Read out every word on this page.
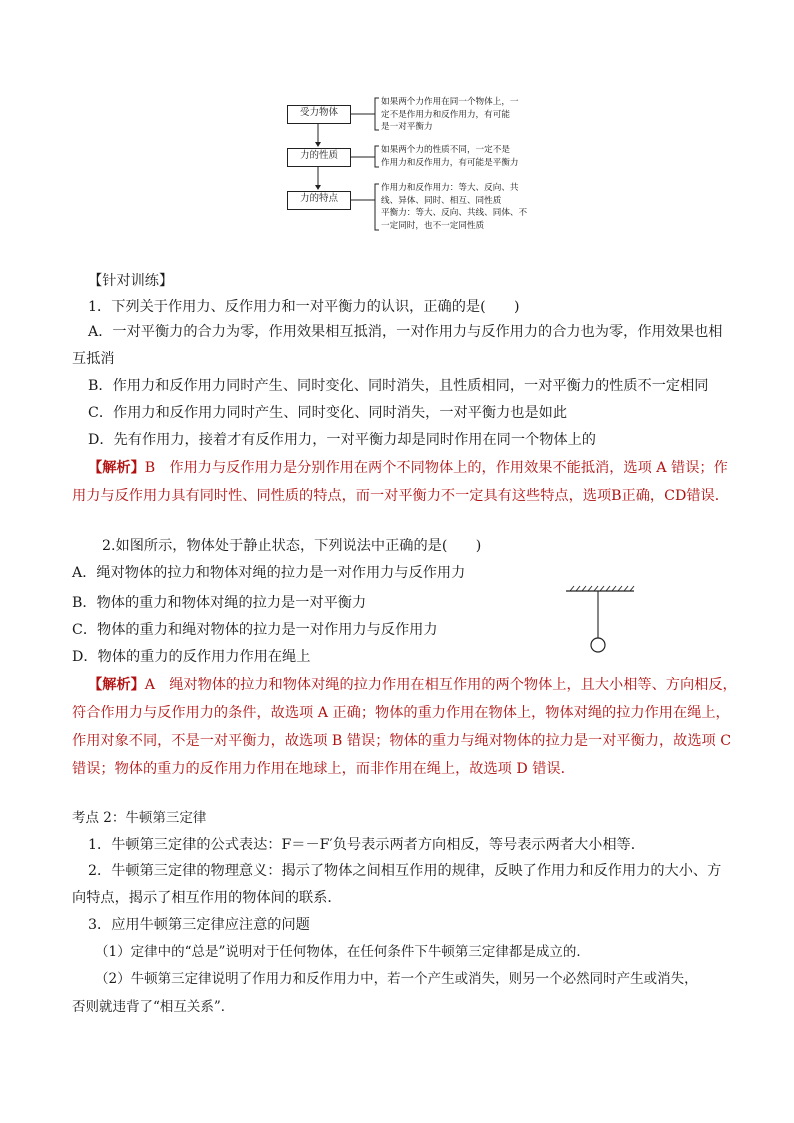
受力物体
力的性质
力的特点
如果两个力作用在同一个物体上，一
定不是作用力和反作用力，有可能
是一对平衡力
如果两个力的性质不同，一定不是
作用力和反作用力，有可能是平衡力
作用力和反作用力：等大、反向、共
线、异体、同时、相互、同性质
平衡力：等大、反向、共线、同体、不
一定同时，也不一定同性质
【针对训练】
1．下列关于作用力、反作用力和一对平衡力的认识，正确的是(　　)
A．一对平衡力的合力为零，作用效果相互抵消，一对作用力与反作用力的合力也为零，作用效果也相
互抵消
B．作用力和反作用力同时产生、同时变化、同时消失，且性质相同，一对平衡力的性质不一定相同
C．作用力和反作用力同时产生、同时变化、同时消失，一对平衡力也是如此
D．先有作用力，接着才有反作用力，一对平衡力却是同时作用在同一个物体上的
【解析】B　作用力与反作用力是分别作用在两个不同物体上的，作用效果不能抵消，选项 A 错误；作
用力与反作用力具有同时性、同性质的特点，而一对平衡力不一定具有这些特点，选项B正确，CD错误．
2.如图所示，物体处于静止状态，下列说法中正确的是(　　)
A．绳对物体的拉力和物体对绳的拉力是一对作用力与反作用力
B．物体的重力和物体对绳的拉力是一对平衡力
C．物体的重力和绳对物体的拉力是一对作用力与反作用力
D．物体的重力的反作用力作用在绳上
【解析】A　绳对物体的拉力和物体对绳的拉力作用在相互作用的两个物体上，且大小相等、方向相反，
符合作用力与反作用力的条件，故选项 A 正确；物体的重力作用在物体上，物体对绳的拉力作用在绳上，
作用对象不同，不是一对平衡力，故选项 B 错误；物体的重力与绳对物体的拉力是一对平衡力，故选项 C
错误；物体的重力的反作用力作用在地球上，而非作用在绳上，故选项 D 错误．
考点 2：牛顿第三定律
1．牛顿第三定律的公式表达：F＝－F′负号表示两者方向相反，等号表示两者大小相等．
2．牛顿第三定律的物理意义：揭示了物体之间相互作用的规律，反映了作用力和反作用力的大小、方
向特点，揭示了相互作用的物体间的联系．
3．应用牛顿第三定律应注意的问题
（1）定律中的“总是”说明对于任何物体，在任何条件下牛顿第三定律都是成立的．
（2）牛顿第三定律说明了作用力和反作用力中，若一个产生或消失，则另一个必然同时产生或消失，
否则就违背了“相互关系”．
